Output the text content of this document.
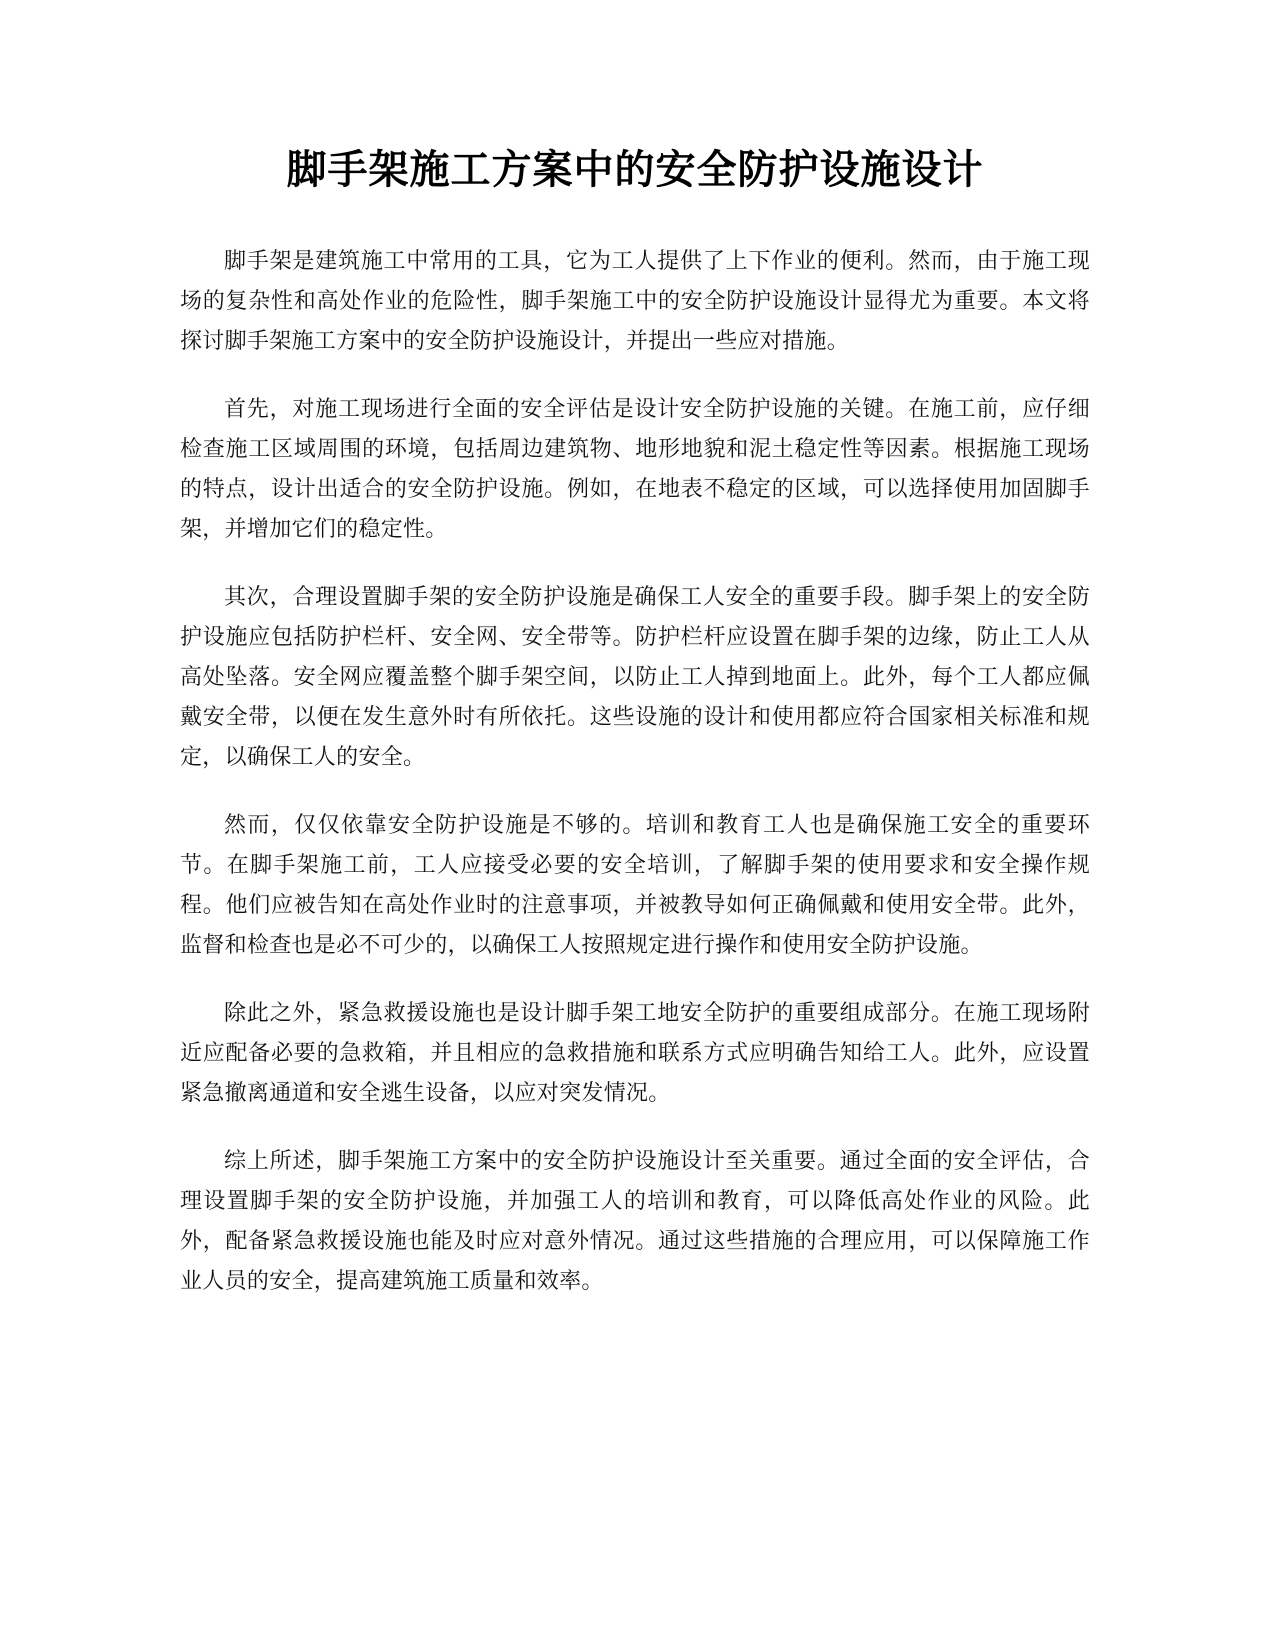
脚手架施工方案中的安全防护设施设计

脚手架是建筑施工中常用的工具，它为工人提供了上下作业的便利。然而，由于施工现场的复杂性和高处作业的危险性，脚手架施工中的安全防护设施设计显得尤为重要。本文将探讨脚手架施工方案中的安全防护设施设计，并提出一些应对措施。

首先，对施工现场进行全面的安全评估是设计安全防护设施的关键。在施工前，应仔细检查施工区域周围的环境，包括周边建筑物、地形地貌和泥土稳定性等因素。根据施工现场的特点，设计出适合的安全防护设施。例如，在地表不稳定的区域，可以选择使用加固脚手架，并增加它们的稳定性。

其次，合理设置脚手架的安全防护设施是确保工人安全的重要手段。脚手架上的安全防护设施应包括防护栏杆、安全网、安全带等。防护栏杆应设置在脚手架的边缘，防止工人从高处坠落。安全网应覆盖整个脚手架空间，以防止工人掉到地面上。此外，每个工人都应佩戴安全带，以便在发生意外时有所依托。这些设施的设计和使用都应符合国家相关标准和规定，以确保工人的安全。

然而，仅仅依靠安全防护设施是不够的。培训和教育工人也是确保施工安全的重要环节。在脚手架施工前，工人应接受必要的安全培训，了解脚手架的使用要求和安全操作规程。他们应被告知在高处作业时的注意事项，并被教导如何正确佩戴和使用安全带。此外，监督和检查也是必不可少的，以确保工人按照规定进行操作和使用安全防护设施。

除此之外，紧急救援设施也是设计脚手架工地安全防护的重要组成部分。在施工现场附近应配备必要的急救箱，并且相应的急救措施和联系方式应明确告知给工人。此外，应设置紧急撤离通道和安全逃生设备，以应对突发情况。

综上所述，脚手架施工方案中的安全防护设施设计至关重要。通过全面的安全评估，合理设置脚手架的安全防护设施，并加强工人的培训和教育，可以降低高处作业的风险。此外，配备紧急救援设施也能及时应对意外情况。通过这些措施的合理应用，可以保障施工作业人员的安全，提高建筑施工质量和效率。
